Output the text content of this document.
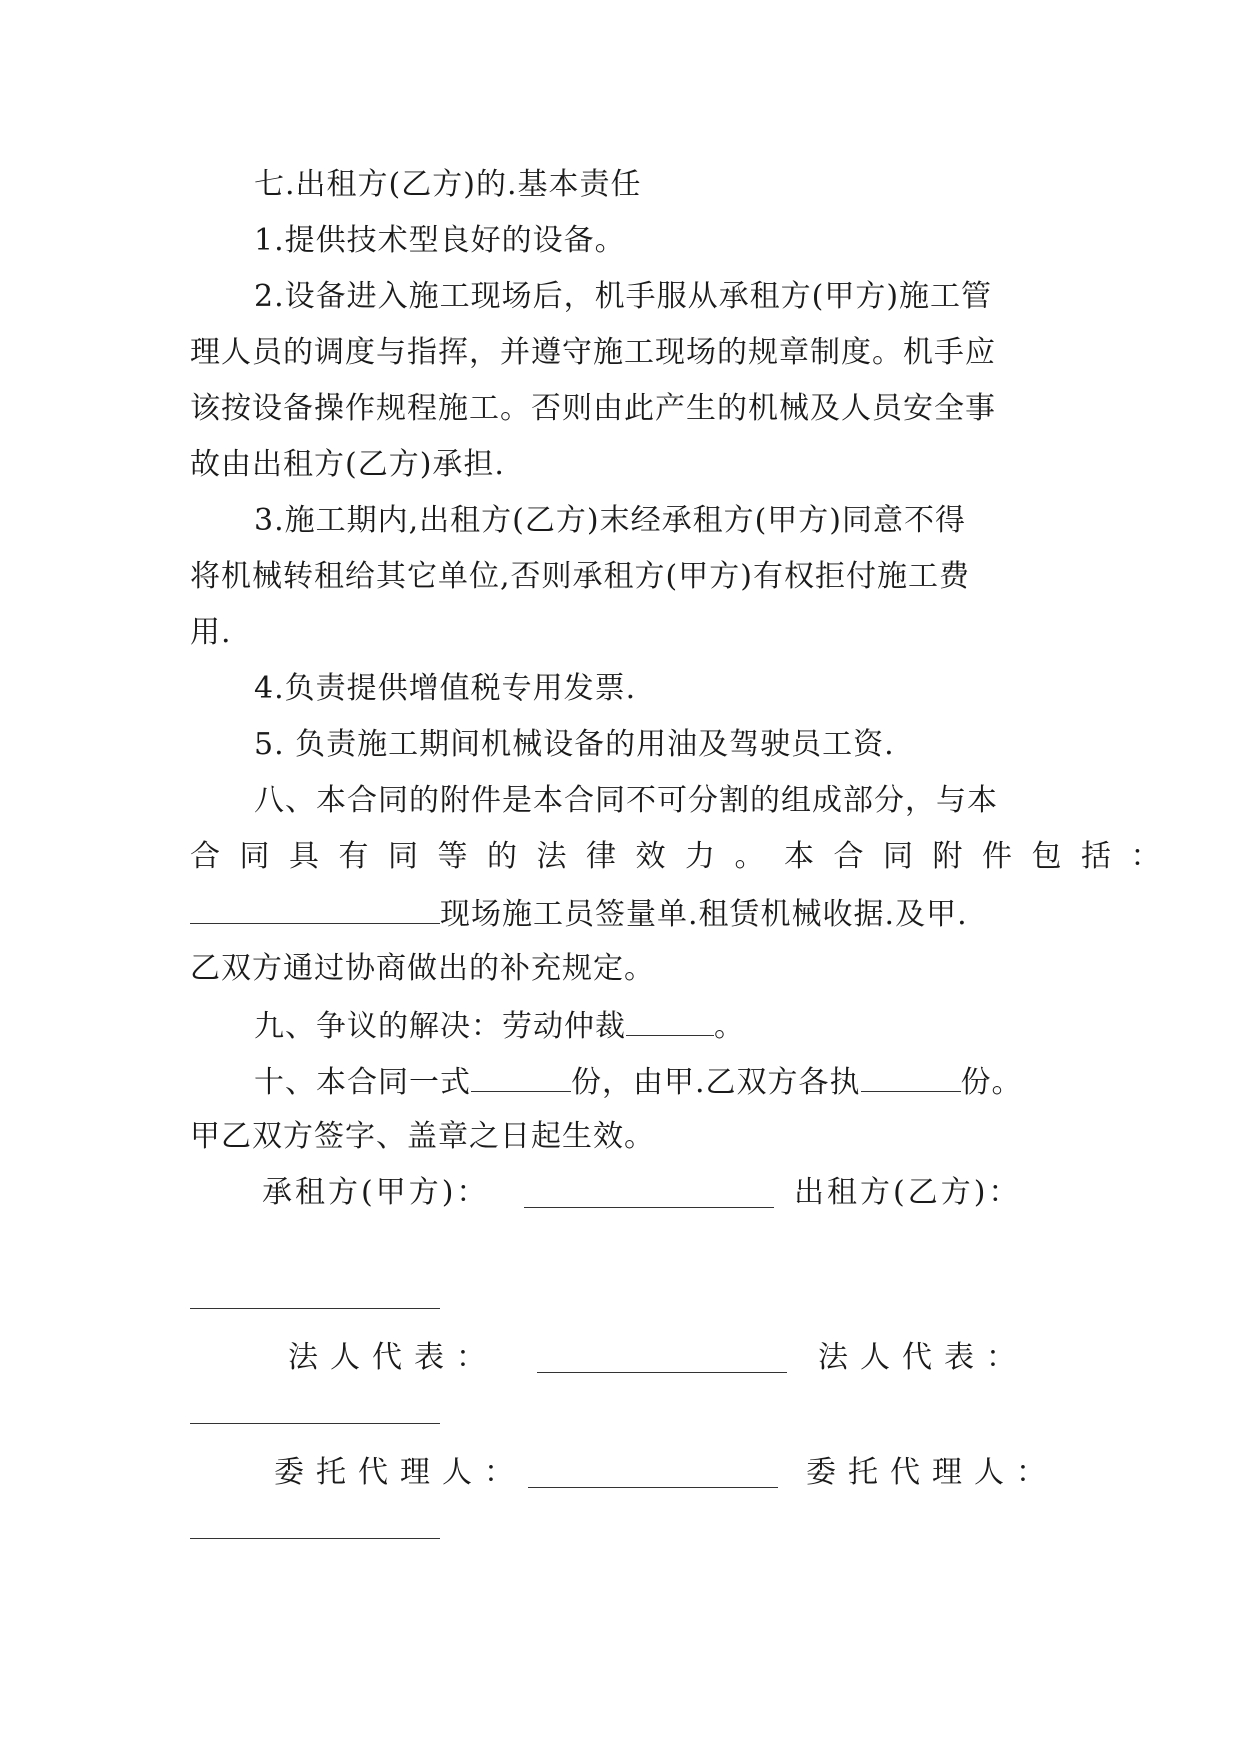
七.出租方(乙方)的.基本责任
1.提供技术型良好的设备。
2.设备进入施工现场后，机手服从承租方(甲方)施工管
理人员的调度与指挥，并遵守施工现场的规章制度。机手应
该按设备操作规程施工。否则由此产生的机械及人员安全事
故由出租方(乙方)承担.
3.施工期内,出租方(乙方)末经承租方(甲方)同意不得
将机械转租给其它单位,否则承租方(甲方)有权拒付施工费
用.
4.负责提供增值税专用发票.
5. 负责施工期间机械设备的用油及驾驶员工资.
八、本合同的附件是本合同不可分割的组成部分，与本
合同具有同等的法律效力。本合同附件包括：
现场施工员签量单.租赁机械收据.及甲.
乙双方通过协商做出的补充规定。
九、争议的解决：劳动仲裁	。
十、本合同一式	份，由甲.乙双方各执	份。
甲乙双方签字、盖章之日起生效。
承租方(甲方)：	出租方(乙方)：
法人代表：	法人代表：
委托代理人：	委托代理人：
